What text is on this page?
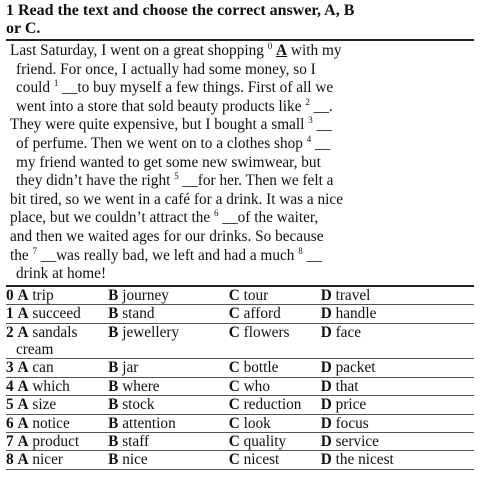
1 Read the text and choose the correct answer, A, B
or C.
Last Saturday, I went on a great shopping $^0$ A with my
friend. For once, I actually had some money, so I
could $^1$ __to buy myself a few things. First of all we
went into a store that sold beauty products like $^2$ __.
They were quite expensive, but I bought a small $^3$ __
of perfume. Then we went on to a clothes shop $^4$ __
my friend wanted to get some new swimwear, but
they didn’t have the right $^5$ __for her. Then we felt a
bit tired, so we went in a café for a drink. It was a nice
place, but we couldn’t attract the $^6$ __of the waiter,
and then we waited ages for our drinks. So because
the $^7$ __was really bad, we left and had a much $^8$ __
drink at home!
0 A trip	B journey	C tour	D travel
1 A succeed	B stand	C afford	D handle
2 A sandals
cream	B jewellery	C flowers	D face
3 A can	B jar	C bottle	D packet
4 A which	B where	C who	D that
5 A size	B stock	C reduction	D price
6 A notice	B attention	C look	D focus
7 A product	B staff	C quality	D service
8 A nicer	B nice	C nicest	D the nicest
